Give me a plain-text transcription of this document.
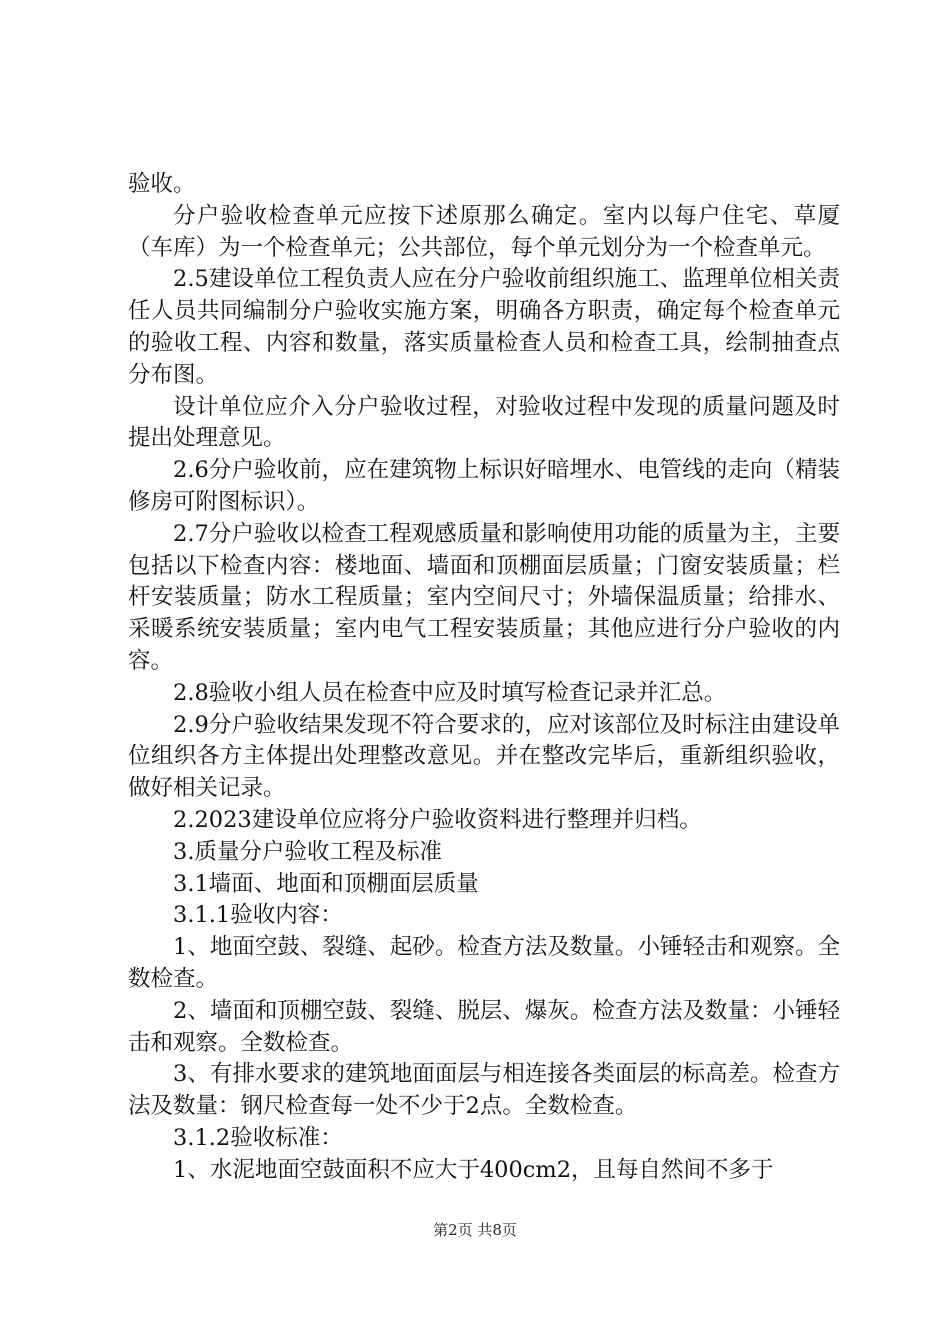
验收。

分户验收检查单元应按下述原那么确定。室内以每户住宅、草厦（车库）为一个检查单元；公共部位，每个单元划分为一个检查单元。

2.5建设单位工程负责人应在分户验收前组织施工、监理单位相关责任人员共同编制分户验收实施方案，明确各方职责，确定每个检查单元的验收工程、内容和数量，落实质量检查人员和检查工具，绘制抽查点分布图。

设计单位应介入分户验收过程，对验收过程中发现的质量问题及时提出处理意见。

2.6分户验收前，应在建筑物上标识好暗埋水、电管线的走向（精装修房可附图标识）。

2.7分户验收以检查工程观感质量和影响使用功能的质量为主，主要包括以下检查内容：楼地面、墙面和顶棚面层质量；门窗安装质量；栏杆安装质量；防水工程质量；室内空间尺寸；外墙保温质量；给排水、采暖系统安装质量；室内电气工程安装质量；其他应进行分户验收的内容。

2.8验收小组人员在检查中应及时填写检查记录并汇总。

2.9分户验收结果发现不符合要求的，应对该部位及时标注由建设单位组织各方主体提出处理整改意见。并在整改完毕后，重新组织验收，做好相关记录。

2.2023建设单位应将分户验收资料进行整理并归档。

3.质量分户验收工程及标准

3.1墙面、地面和顶棚面层质量

3.1.1验收内容：

1、地面空鼓、裂缝、起砂。检查方法及数量。小锤轻击和观察。全数检查。

2、墙面和顶棚空鼓、裂缝、脱层、爆灰。检查方法及数量：小锤轻击和观察。全数检查。

3、有排水要求的建筑地面面层与相连接各类面层的标高差。检查方法及数量：钢尺检查每一处不少于2点。全数检查。

3.1.2验收标准：

1、水泥地面空鼓面积不应大于400cm2，且每自然间不多于

第2页 共8页
